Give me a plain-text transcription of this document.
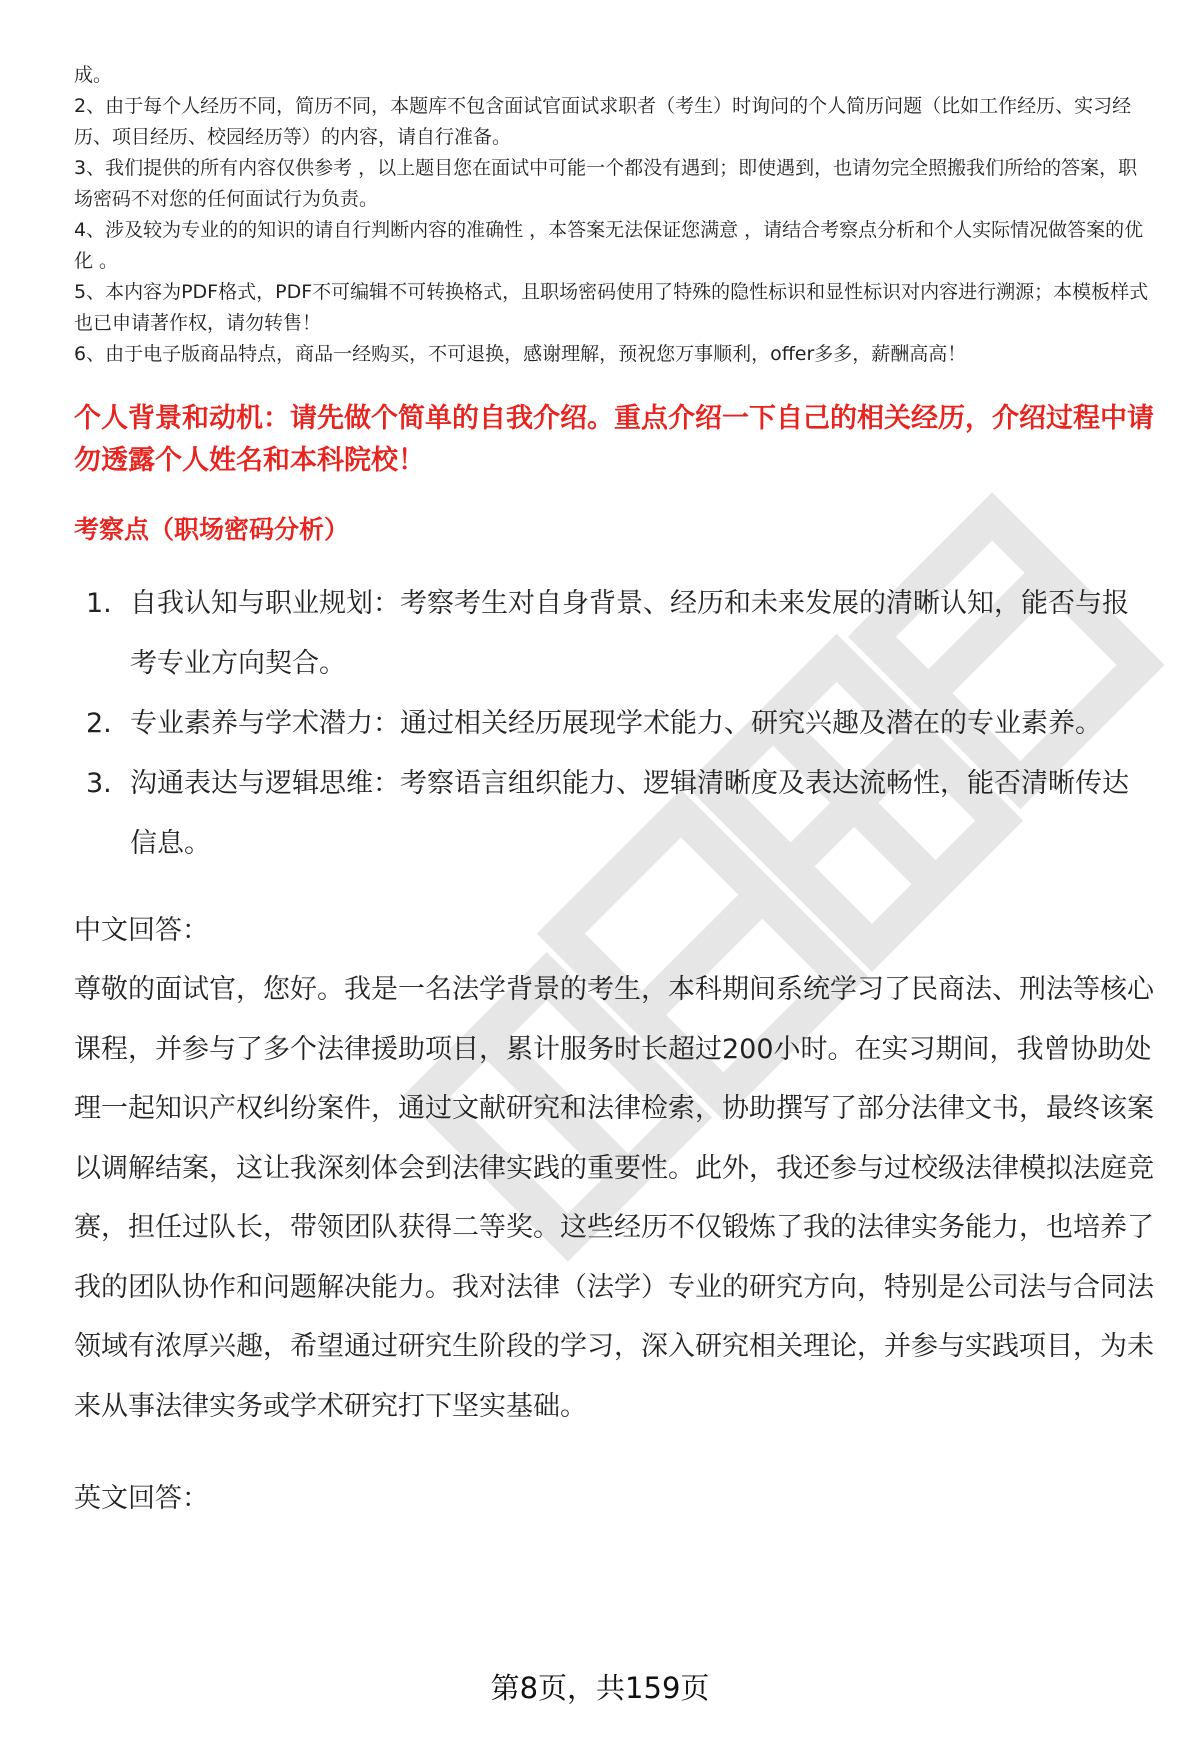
成。

2、由于每个人经历不同，简历不同，本题库不包含面试官面试求职者（考生）时询问的个人简历问题（比如工作经历、实习经历、项目经历、校园经历等）的内容，请自行准备。

3、我们提供的所有内容仅供参考 ，以上题目您在面试中可能一个都没有遇到；即使遇到，也请勿完全照搬我们所给的答案，职场密码不对您的任何面试行为负责。

4、涉及较为专业的的知识的请自行判断内容的准确性 ，本答案无法保证您满意 ，请结合考察点分析和个人实际情况做答案的优化 。

5、本内容为PDF格式，PDF不可编辑不可转换格式，且职场密码使用了特殊的隐性标识和显性标识对内容进行溯源；本模板样式也已申请著作权，请勿转售！

6、由于电子版商品特点，商品一经购买，不可退换，感谢理解，预祝您万事顺利，offer多多，薪酬高高！

个人背景和动机：请先做个简单的自我介绍。重点介绍一下自己的相关经历，介绍过程中请勿透露个人姓名和本科院校！
考察点（职场密码分析）
1. 自我认知与职业规划：考察考生对自身背景、经历和未来发展的清晰认知，能否与报考专业方向契合。
2. 专业素养与学术潜力：通过相关经历展现学术能力、研究兴趣及潜在的专业素养。
3. 沟通表达与逻辑思维：考察语言组织能力、逻辑清晰度及表达流畅性，能否清晰传达信息。
中文回答：

尊敬的面试官，您好。我是一名法学背景的考生，本科期间系统学习了民商法、刑法等核心课程，并参与了多个法律援助项目，累计服务时长超过200小时。在实习期间，我曾协助处理一起知识产权纠纷案件，通过文献研究和法律检索，协助撰写了部分法律文书，最终该案以调解结案，这让我深刻体会到法律实践的重要性。此外，我还参与过校级法律模拟法庭竞赛，担任过队长，带领团队获得二等奖。这些经历不仅锻炼了我的法律实务能力，也培养了我的团队协作和问题解决能力。我对法律（法学）专业的研究方向，特别是公司法与合同法领域有浓厚兴趣，希望通过研究生阶段的学习，深入研究相关理论，并参与实践项目，为未来从事法律实务或学术研究打下坚实基础。

英文回答：
第8页，共159页
